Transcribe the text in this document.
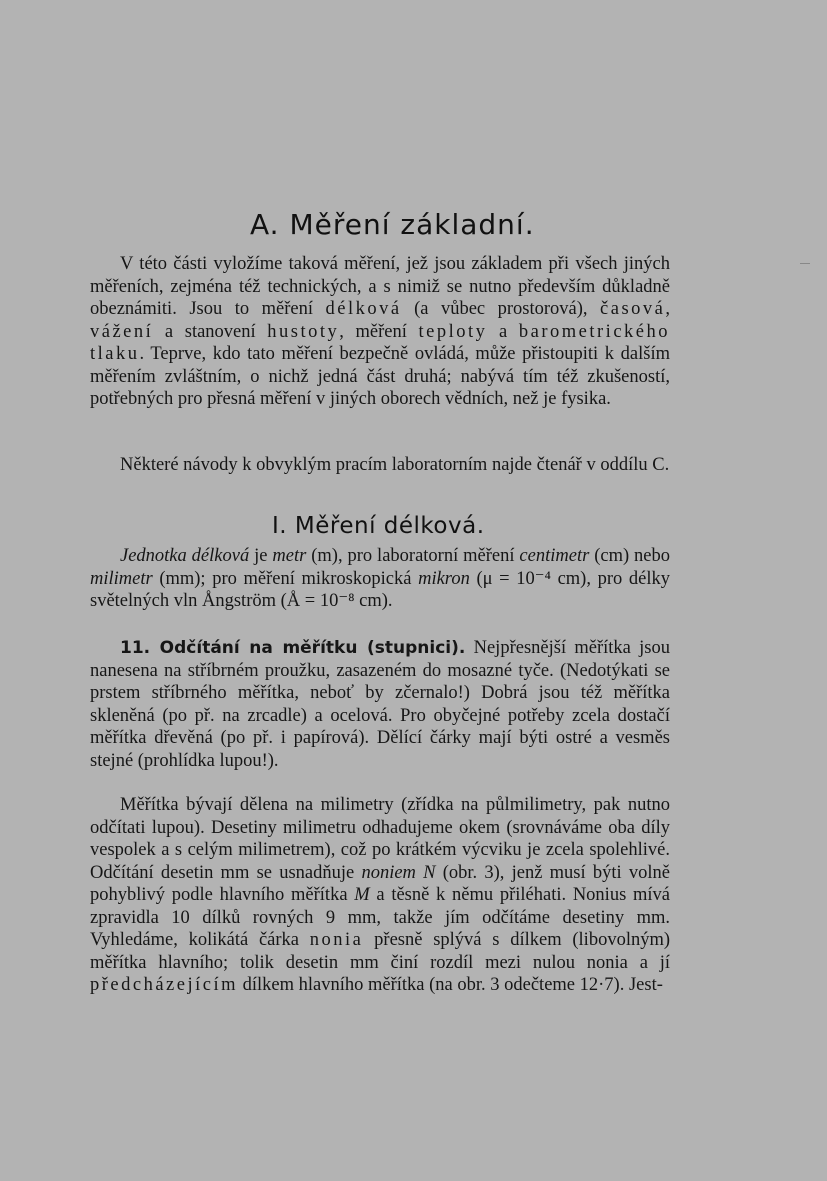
A. Měření základní.
V této části vyložíme taková měření, jež jsou základem při všech jiných měřeních, zejména též technických, a s nimiž se nutno především důkladně obeznámiti. Jsou to měření délková (a vůbec prostorová), časová, vážení a stanovení hustoty, měření teploty a barometrického tlaku. Teprve, kdo tato měření bezpečně ovládá, může přistoupiti k dalším měřením zvláštním, o nichž jedná část druhá; nabývá tím též zkušeností, potřebných pro přesná měření v jiných oborech vědních, než je fysika.
Některé návody k obvyklým pracím laboratorním najde čtenář v oddílu C.
I. Měření délková.
Jednotka délková je metr (m), pro laboratorní měření centimetr (cm) nebo milimetr (mm); pro měření mikroskopická mikron (μ = 10⁻⁴ cm), pro délky světelných vln Ångström (Å = 10⁻⁸ cm).
11. Odčítání na měřítku (stupnici). Nejpřesnější měřítka jsou nanesena na stříbrném proužku, zasazeném do mosazné tyče. (Nedotýkati se prstem stříbrného měřítka, neboť by zčernalo!) Dobrá jsou též měřítka skleněná (po př. na zrcadle) a ocelová. Pro obyčejné potřeby zcela dostačí měřítka dřevěná (po př. i papírová). Dělící čárky mají býti ostré a vesměs stejné (prohlídka lupou!).
Měřítka bývají dělena na milimetry (zřídka na půlmilimetry, pak nutno odčítati lupou). Desetiny milimetru odhadujeme okem (srovnáváme oba díly vespolek a s celým milimetrem), což po krátkém výcviku je zcela spolehlivé. Odčítání desetin mm se usnadňuje noniem N (obr. 3), jenž musí býti volně pohyblivý podle hlavního měřítka M a těsně k němu přiléhati. Nonius mívá zpravidla 10 dílků rovných 9 mm, takže jím odčítáme desetiny mm. Vyhledáme, kolikátá čárka nonia přesně splývá s dílkem (libovolným) měřítka hlavního; tolik desetin mm činí rozdíl mezi nulou nonia a jí předcházejícím dílkem hlavního měřítka (na obr. 3 odečteme 12·7). Jest-
